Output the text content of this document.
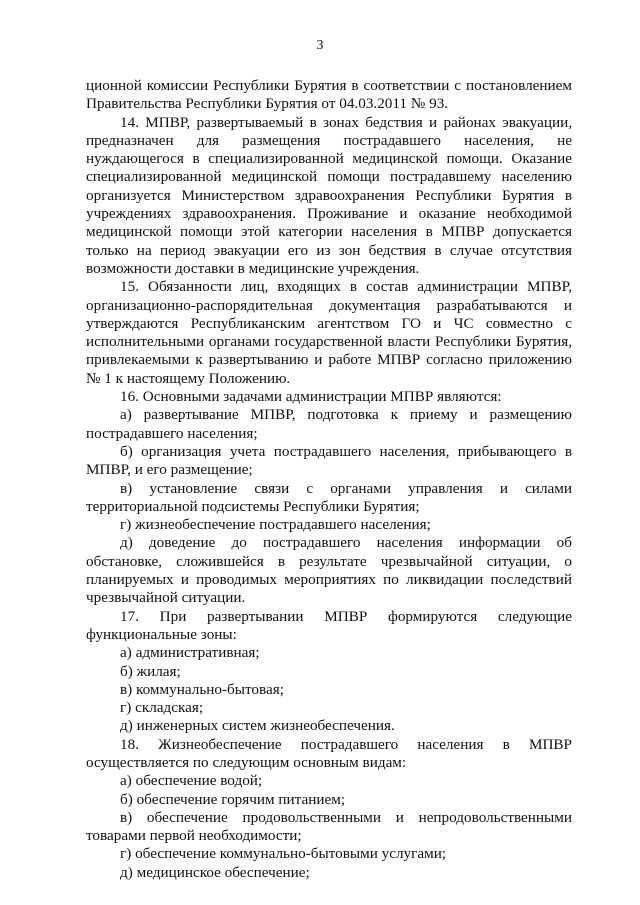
3

ционной комиссии Республики Бурятия в соответствии с постановлением Правительства Республики Бурятия от 04.03.2011 № 93.

14. МПВР, развертываемый в зонах бедствия и районах эвакуации, предназначен для размещения пострадавшего населения, не нуждающегося в специализированной медицинской помощи. Оказание специализированной медицинской помощи пострадавшему населению организуется Министерством здравоохранения Республики Бурятия в учреждениях здравоохранения. Проживание и оказание необходимой медицинской помощи этой категории населения в МПВР допускается только на период эвакуации его из зон бедствия в случае отсутствия возможности доставки в медицинские учреждения.

15. Обязанности лиц, входящих в состав администрации МПВР, организационно-распорядительная документация разрабатываются и утверждаются Республиканским агентством ГО и ЧС совместно с исполнительными органами государственной власти Республики Бурятия, привлекаемыми к развертыванию и работе МПВР согласно приложению № 1 к настоящему Положению.

16. Основными задачами администрации МПВР являются:

а) развертывание МПВР, подготовка к приему и размещению пострадавшего населения;

б) организация учета пострадавшего населения, прибывающего в МПВР, и его размещение;

в) установление связи с органами управления и силами территориальной подсистемы Республики Бурятия;

г) жизнеобеспечение пострадавшего населения;

д) доведение до пострадавшего населения информации об обстановке, сложившейся в результате чрезвычайной ситуации, о планируемых и проводимых мероприятиях по ликвидации последствий чрезвычайной ситуации.

17. При развертывании МПВР формируются следующие функциональные зоны:

а) административная;

б) жилая;

в) коммунально-бытовая;

г) складская;

д) инженерных систем жизнеобеспечения.

18. Жизнеобеспечение пострадавшего населения в МПВР осуществляется по следующим основным видам:

а) обеспечение водой;

б) обеспечение горячим питанием;

в) обеспечение продовольственными и непродовольственными товарами первой необходимости;

г) обеспечение коммунально-бытовыми услугами;

д) медицинское обеспечение;
